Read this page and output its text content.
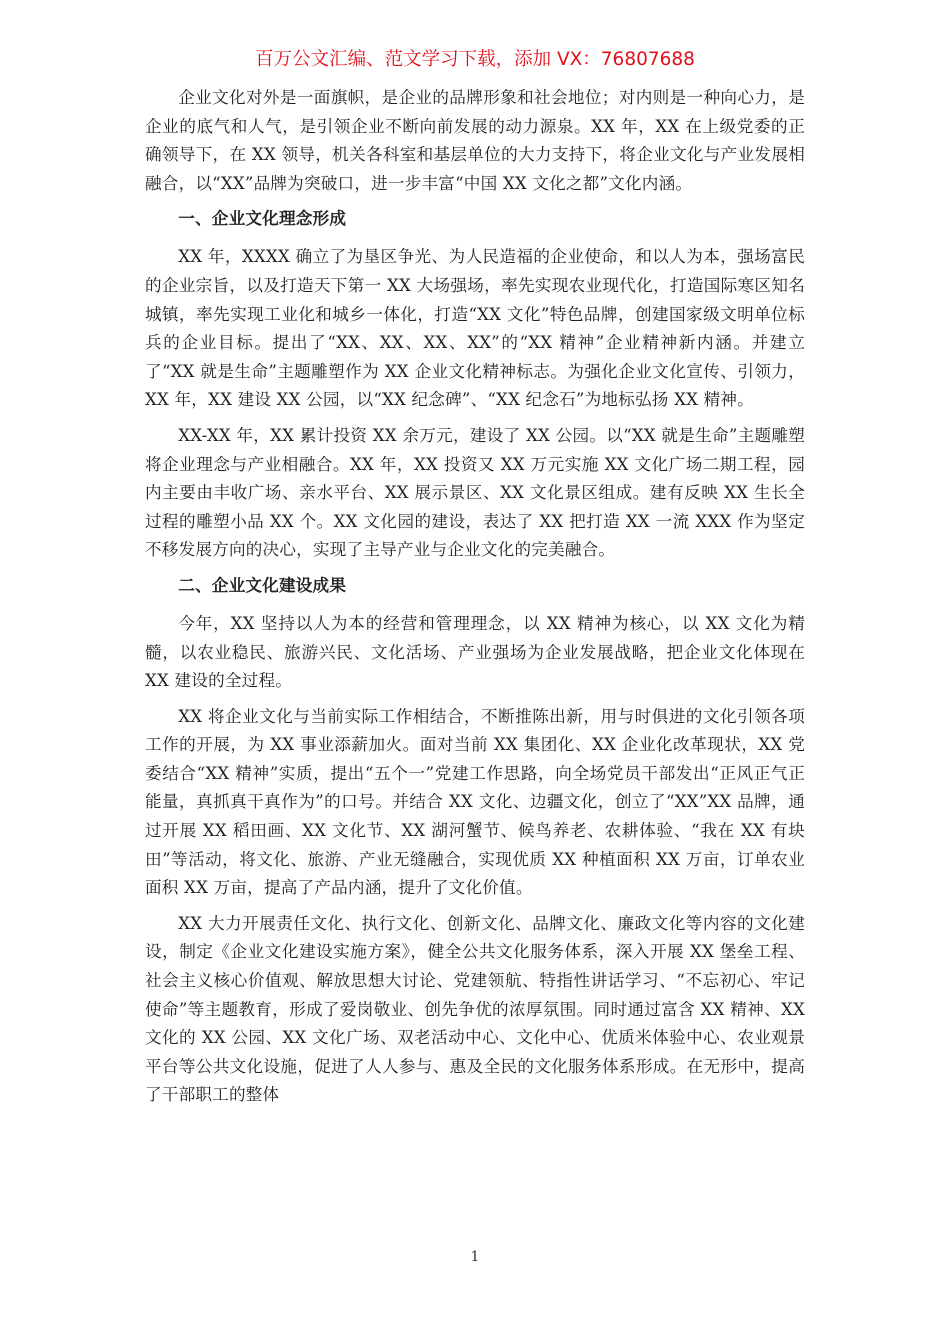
百万公文汇编、范文学习下载，添加 VX：76807688

企业文化对外是一面旗帜，是企业的品牌形象和社会地位；对内则是一种向心力，是企业的底气和人气，是引领企业不断向前发展的动力源泉。XX 年，XX 在上级党委的正确领导下，在 XX 领导，机关各科室和基层单位的大力支持下，将企业文化与产业发展相融合，以“XX”品牌为突破口，进一步丰富“中国 XX 文化之都”文化内涵。

一、企业文化理念形成

XX 年，XXXX 确立了为垦区争光、为人民造福的企业使命，和以人为本，强场富民的企业宗旨，以及打造天下第一 XX 大场强场，率先实现农业现代化，打造国际寒区知名城镇，率先实现工业化和城乡一体化，打造“XX 文化”特色品牌，创建国家级文明单位标兵的企业目标。提出了“XX、XX、XX、XX”的“XX 精神”企业精神新内涵。并建立了“XX 就是生命”主题雕塑作为 XX 企业文化精神标志。为强化企业文化宣传、引领力，XX 年，XX 建设 XX 公园，以“XX 纪念碑”、“XX 纪念石”为地标弘扬 XX 精神。

XX-XX 年，XX 累计投资 XX 余万元，建设了 XX 公园。以“XX 就是生命”主题雕塑将企业理念与产业相融合。XX 年，XX 投资又 XX 万元实施 XX 文化广场二期工程，园内主要由丰收广场、亲水平台、XX 展示景区、XX 文化景区组成。建有反映 XX 生长全过程的雕塑小品 XX 个。XX 文化园的建设，表达了 XX 把打造 XX 一流 XXX 作为坚定不移发展方向的决心，实现了主导产业与企业文化的完美融合。

二、企业文化建设成果

今年，XX 坚持以人为本的经营和管理理念，以 XX 精神为核心，以 XX 文化为精髓，以农业稳民、旅游兴民、文化活场、产业强场为企业发展战略，把企业文化体现在 XX 建设的全过程。

XX 将企业文化与当前实际工作相结合，不断推陈出新，用与时俱进的文化引领各项工作的开展，为 XX 事业添薪加火。面对当前 XX 集团化、XX 企业化改革现状，XX 党委结合“XX 精神”实质，提出“五个一”党建工作思路，向全场党员干部发出“正风正气正能量，真抓真干真作为”的口号。并结合 XX 文化、边疆文化，创立了“XX”XX 品牌，通过开展 XX 稻田画、XX 文化节、XX 湖河蟹节、候鸟养老、农耕体验、“我在 XX 有块田”等活动，将文化、旅游、产业无缝融合，实现优质 XX 种植面积 XX 万亩，订单农业面积 XX 万亩，提高了产品内涵，提升了文化价值。

XX 大力开展责任文化、执行文化、创新文化、品牌文化、廉政文化等内容的文化建设，制定《企业文化建设实施方案》，健全公共文化服务体系，深入开展 XX 堡垒工程、社会主义核心价值观、解放思想大讨论、党建领航、特指性讲话学习、“不忘初心、牢记使命”等主题教育，形成了爱岗敬业、创先争优的浓厚氛围。同时通过富含 XX 精神、XX 文化的 XX 公园、XX 文化广场、双老活动中心、文化中心、优质米体验中心、农业观景平台等公共文化设施，促进了人人参与、惠及全民的文化服务体系形成。在无形中，提高了干部职工的整体

1
